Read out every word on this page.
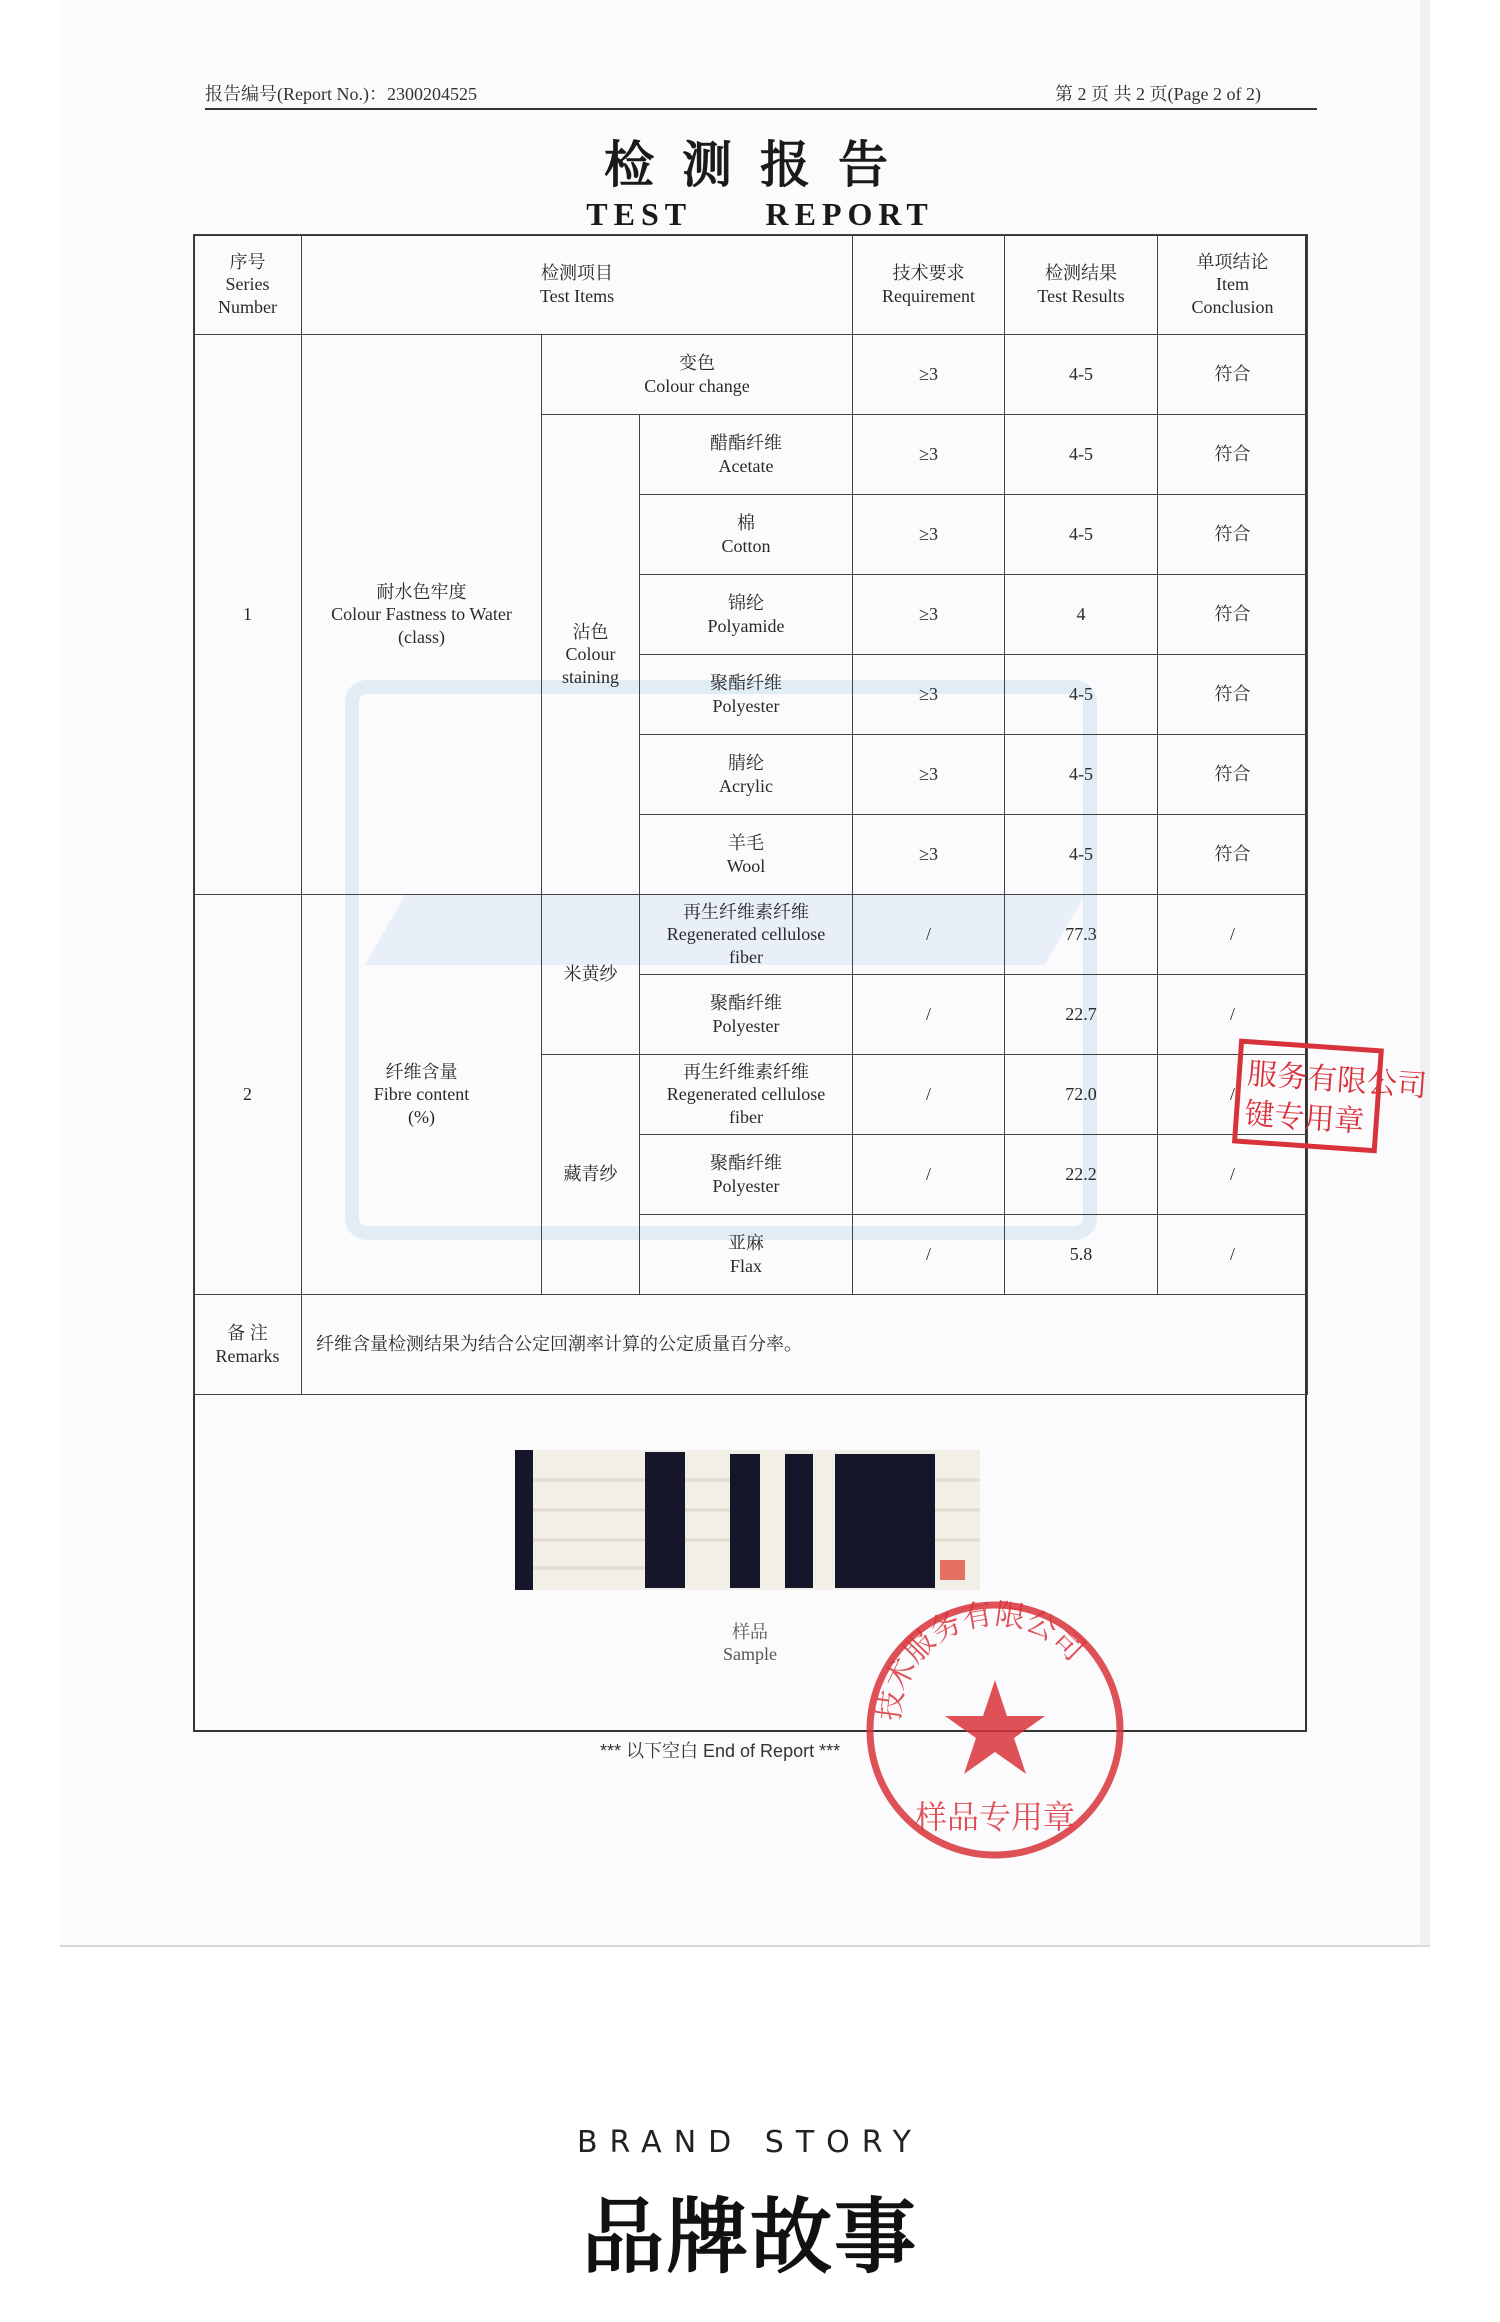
报告编号(Report No.)：2300204525	第 2 页 共 2 页(Page 2 of 2)
检测报告
TEST REPORT
序号
Series
Number	检测项目
Test Items			技术要求
Requirement	检测结果
Test Results	单项结论
Item
Conclusion

1	耐水色牢度
Colour Fastness to Water
(class)	变色
Colour change		≥3	4-5	符合

		沾色
Colour
staining	醋酯纤维
Acetate	≥3	4-5	符合

			棉
Cotton	≥3	4-5	符合

			锦纶
Polyamide	≥3	4	符合

			聚酯纤维
Polyester	≥3	4-5	符合

			腈纶
Acrylic	≥3	4-5	符合

			羊毛
Wool	≥3	4-5	符合
2	纤维含量
Fibre content
(%)	米黄纱	再生纤维素纤维
Regenerated cellulose
fiber	/	77.3	/

			聚酯纤维
Polyester	/	22.7	/
		藏青纱	再生纤维素纤维
Regenerated cellulose
fiber	/	72.0	/

			聚酯纤维
Polyester	/	22.2	/

			亚麻
Flax	/	5.8	/

备 注
Remarks	纤维含量检测结果为结合公定回潮率计算的公定质量百分率。					
样品
Sample
*** 以下空白 End of Report ***
服务有限公司
键专用章
技术服务有限公司
样品专用章
BRAND STORY
品牌故事
